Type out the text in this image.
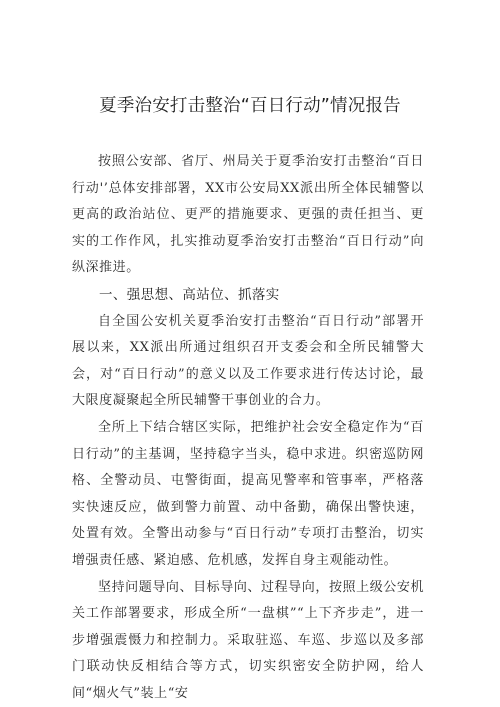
夏季治安打击整治“百日行动”情况报告

按照公安部、省厅、州局关于夏季治安打击整治“百日行动'’总体安排部署，XX市公安局XX派出所全体民辅警以更高的政治站位、更严的措施要求、更强的责任担当、更实的工作作风，扎实推动夏季治安打击整治“百日行动”向纵深推进。

一、强思想、高站位、抓落实

自全国公安机关夏季治安打击整治“百日行动”部署开展以来，XX派出所通过组织召开支委会和全所民辅警大会，对“百日行动”的意义以及工作要求进行传达讨论，最大限度凝聚起全所民辅警干事创业的合力。

全所上下结合辖区实际，把维护社会安全稳定作为“百日行动”的主基调，坚持稳字当头，稳中求进。织密巡防网格、全警动员、屯警街面，提高见警率和管事率，严格落实快速反应，做到警力前置、动中备勤，确保出警快速，处置有效。全警出动参与“百日行动”专项打击整治，切实增强责任感、紧迫感、危机感，发挥自身主观能动性。

坚持问题导向、目标导向、过程导向，按照上级公安机关工作部署要求，形成全所“一盘棋”“上下齐步走”，进一步增强震慑力和控制力。采取驻巡、车巡、步巡以及多部门联动快反相结合等方式，切实织密安全防护网，给人间“烟火气”装上“安
